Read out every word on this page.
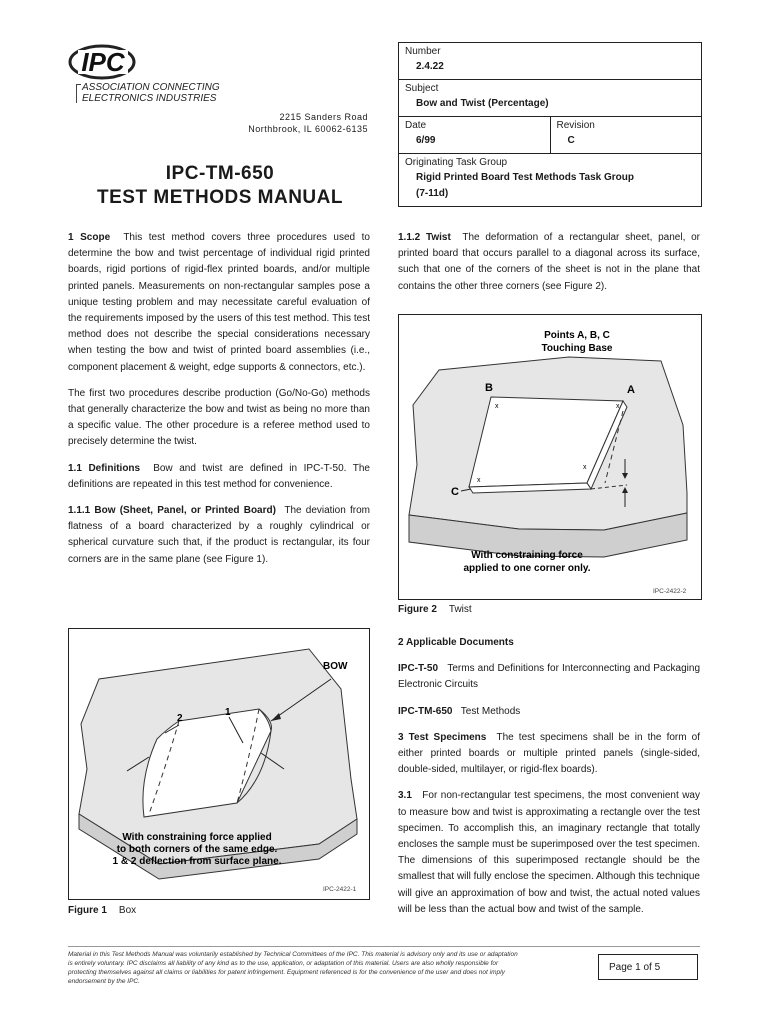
IPC
ASSOCIATION CONNECTING
ELECTRONICS INDUSTRIES
2215 Sanders Road
Northbrook, IL 60062-6135
IPC-TM-650
TEST METHODS MANUAL
Number
2.4.22
Subject
Bow and Twist (Percentage)
Date
6/99
Revision
C
Originating Task Group
Rigid Printed Board Test Methods Task Group
(7-11d)

1 Scope This test method covers three procedures used to determine the bow and twist percentage of individual rigid printed boards, rigid portions of rigid-flex printed boards, and/or multiple printed panels. Measurements on non-rectangular samples pose a unique testing problem and may necessitate careful evaluation of the requirements imposed by the users of this test method. This test method does not describe the special considerations necessary when testing the bow and twist of printed board assemblies (i.e., component placement & weight, edge supports & connectors, etc.).

The first two procedures describe production (Go/No-Go) methods that generally characterize the bow and twist as being no more than a specific value. The other procedure is a referee method used to precisely determine the twist.

1.1 Definitions Bow and twist are defined in IPC-T-50. The definitions are repeated in this test method for convenience.

1.1.1 Bow (Sheet, Panel, or Printed Board) The deviation from flatness of a board characterized by a roughly cylindrical or spherical curvature such that, if the product is rectangular, its four corners are in the same plane (see Figure 1).

BOW
1
2
With constraining force applied
to both corners of the same edge.
1 & 2 deflection from surface plane.
IPC-2422-1
Figure 1 Box

1.1.2 Twist The deformation of a rectangular sheet, panel, or printed board that occurs parallel to a diagonal across its surface, such that one of the corners of the sheet is not in the plane that contains the other three corners (see Figure 2).

Points A, B, C
Touching Base
B	A
C
x	x
x
x
With constraining force
applied to one corner only.
IPC-2422-2
Figure 2 Twist

2 Applicable Documents

IPC-T-50 Terms and Definitions for Interconnecting and Packaging Electronic Circuits

IPC-TM-650 Test Methods

3 Test Specimens The test specimens shall be in the form of either printed boards or multiple printed panels (single-sided, double-sided, multilayer, or rigid-flex boards).

3.1 For non-rectangular test specimens, the most convenient way to measure bow and twist is approximating a rectangle over the test specimen. To accomplish this, an imaginary rectangle that totally encloses the sample must be superimposed over the test specimen. The dimensions of this superimposed rectangle should be the smallest that will fully enclose the specimen. Although this technique will give an approximation of bow and twist, the actual noted values will be less than the actual bow and twist of the sample.

Material in this Test Methods Manual was voluntarily established by Technical Committees of the IPC. This material is advisory only and its use or adaptation is entirely voluntary. IPC disclaims all liability of any kind as to the use, application, or adaptation of this material. Users are also wholly responsible for protecting themselves against all claims or liabilities for patent infringement. Equipment referenced is for the convenience of the user and does not imply endorsement by the IPC.
Page 1 of 5
